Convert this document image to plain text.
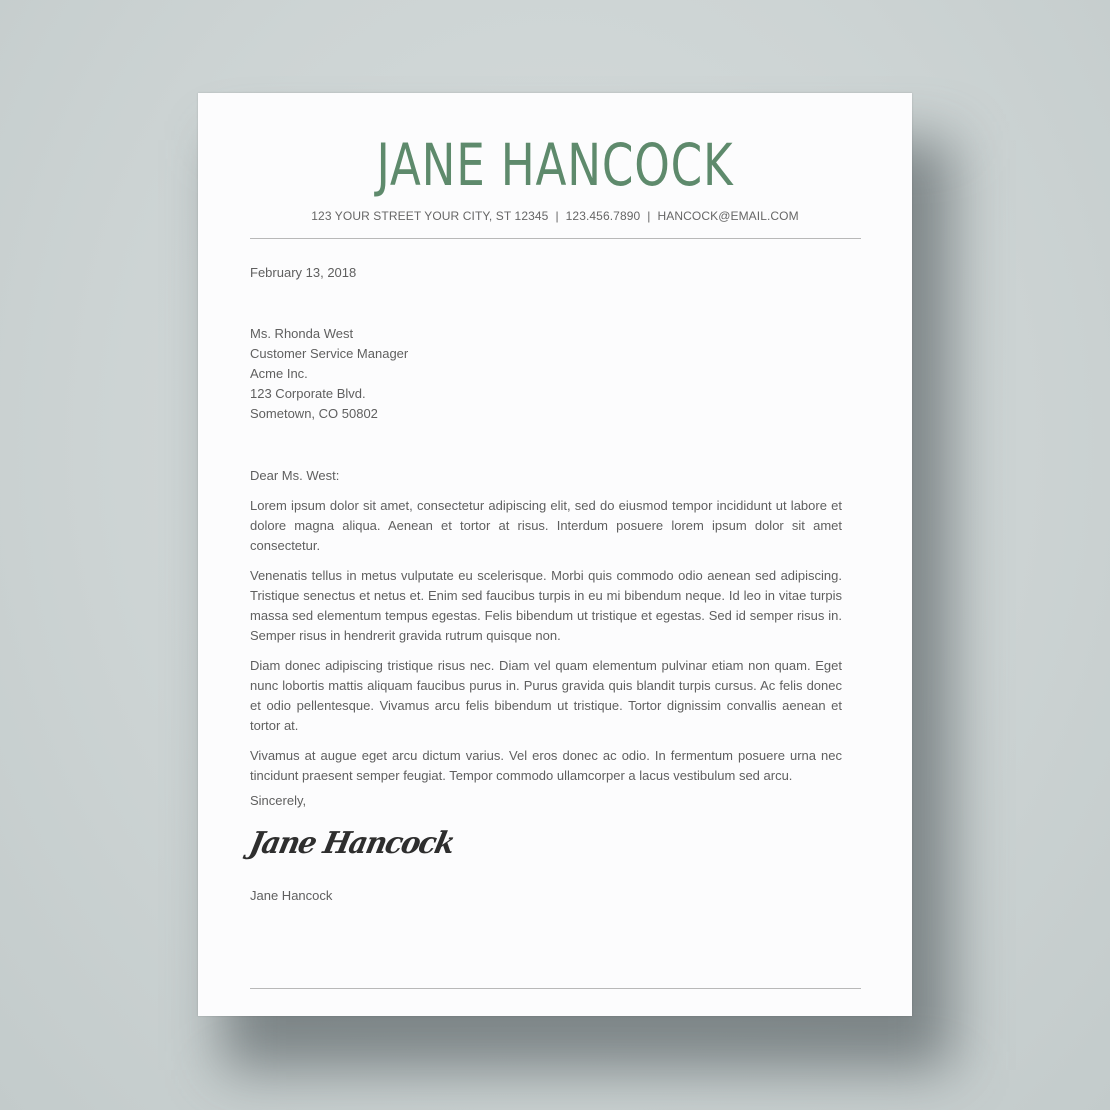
JANE HANCOCK
123 YOUR STREET YOUR CITY, ST 12345 | 123.456.7890 | HANCOCK@EMAIL.COM
February 13, 2018
Ms. Rhonda West
Customer Service Manager
Acme Inc.
123 Corporate Blvd.
Sometown, CO 50802
Dear Ms. West:

Lorem ipsum dolor sit amet, consectetur adipiscing elit, sed do eiusmod tempor incididunt ut labore et dolore magna aliqua. Aenean et tortor at risus. Interdum posuere lorem ipsum dolor sit amet consectetur.

Venenatis tellus in metus vulputate eu scelerisque. Morbi quis commodo odio aenean sed adipiscing. Tristique senectus et netus et. Enim sed faucibus turpis in eu mi bibendum neque. Id leo in vitae turpis massa sed elementum tempus egestas. Felis bibendum ut tristique et egestas. Sed id semper risus in. Semper risus in hendrerit gravida rutrum quisque non.

Diam donec adipiscing tristique risus nec. Diam vel quam elementum pulvinar etiam non quam. Eget nunc lobortis mattis aliquam faucibus purus in. Purus gravida quis blandit turpis cursus. Ac felis donec et odio pellentesque. Vivamus arcu felis bibendum ut tristique. Tortor dignissim convallis aenean et tortor at.

Vivamus at augue eget arcu dictum varius. Vel eros donec ac odio. In fermentum posuere urna nec tincidunt praesent semper feugiat. Tempor commodo ullamcorper a lacus vestibulum sed arcu.

Sincerely,
Jane Hancock
Jane Hancock
